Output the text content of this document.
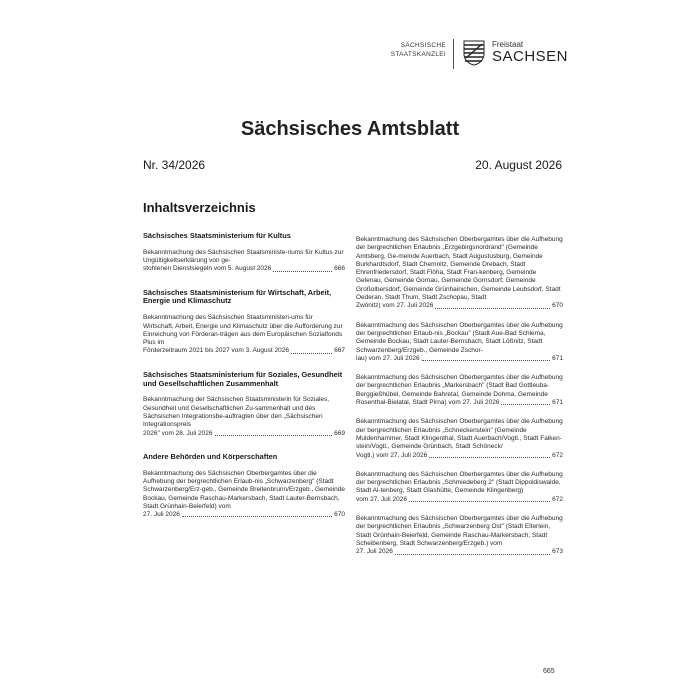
SÄCHSISCHE
STAATSKANZLEI
Freistaat
SACHSEN
Sächsisches Amtsblatt
Nr. 34/2026	20. August 2026
Inhaltsverzeichnis
Sächsisches Staatsministerium für Kultus
Bekanntmachung des Sächsischen Staatsministe-riums für Kultus zur Ungültigkeitserklärung von ge-
stohlenen Dienstsiegeln vom 5. August 2026	666
Sächsisches Staatsministerium für Wirtschaft, Arbeit, Energie und Klimaschutz
Bekanntmachung des Sächsischen Staatsministeri-ums für Wirtschaft, Arbeit, Energie und Klimaschutz über die Aufforderung zur Einreichung von Förderan-trägen aus dem Europäischen Sozialfonds Plus im
Förderzeitraum 2021 bis 2027 vom 3. August 2026	667
Sächsisches Staatsministerium für Soziales, Gesundheit und Gesellschaftlichen Zusammenhalt
Bekanntmachung der Sächsischen Staatsministerin für Soziales, Gesundheit und Gesellschaftlichen Zu-sammenhalt und des Sächsischen Integrationsbe-auftragten über den „Sächsischen Integrationspreis
2026" vom 28. Juli 2026	669
Andere Behörden und Körperschaften
Bekanntmachung des Sächsischen Oberbergamtes über die Aufhebung der bergrechtlichen Erlaub-nis „Schwarzenberg" (Stadt Schwarzenberg/Erz-geb., Gemeinde Breitenbrunn/Erzgeb., Gemeinde Bockau, Gemeinde Raschau-Markersbach, Stadt Lauter-Bernsbach, Stadt Grünhain-Beierfeld) vom
27. Juli 2026	670
Bekanntmachung des Sächsischen Oberbergamtes über die Aufhebung der bergrechtlichen Erlaubnis „Erzgebirgsnordrand" (Gemeinde Amtsberg, Ge-meinde Auerbach, Stadt Augustusburg, Gemeinde Burkhardtsdorf, Stadt Chemnitz, Gemeinde Drebach, Stadt Ehrenfriedersdorf, Stadt Flöha, Stadt Fran-kenberg, Gemeinde Gelenau, Gemeinde Gornau, Gemeinde Gornsdorf, Gemeinde Großolbersdorf, Gemeinde Grünhainichen, Gemeinde Leubsdorf, Stadt Oederan, Stadt Thum, Stadt Zschopau, Stadt
Zwönitz) vom 27. Juli 2026	670
Bekanntmachung des Sächsischen Oberbergamtes über die Aufhebung der bergrechtlichen Erlaub-nis „Bockau" (Stadt Aue-Bad Schlema, Gemeinde Bockau, Stadt Lauter-Bernsbach, Stadt Lößnitz, Stadt Schwarzenberg/Erzgeb., Gemeinde Zschor-
lau) vom 27. Juli 2026	671
Bekanntmachung des Sächsischen Oberbergamtes über die Aufhebung der bergrechtlichen Erlaubnis „Markersbach" (Stadt Bad Gottleuba-Berggießhübel, Gemeinde Bahretal, Gemeinde Dohma, Gemeinde
Rosenthal-Bielatal, Stadt Pirna) vom 27. Juli 2026	671
Bekanntmachung des Sächsischen Oberbergamtes über die Aufhebung der bergrechtlichen Erlaubnis „Schneckenstein" (Gemeinde Muldenhammer, Stadt Klingenthal, Stadt Auerbach/Vogtl., Stadt Falken-stein/Vogtl., Gemeinde Grünbach, Stadt Schöneck/
Vogtl.) vom 27. Juli 2026	672
Bekanntmachung des Sächsischen Oberbergamtes über die Aufhebung der bergrechtlichen Erlaubnis „Schmiedeberg 2" (Stadt Dippoldiswalde, Stadt Al-tenberg, Stadt Glashütte, Gemeinde Klingenberg)
vom 27. Juli 2026	672
Bekanntmachung des Sächsischen Oberbergamtes über die Aufhebung der bergrechtlichen Erlaubnis „Schwarzenberg Ost" (Stadt Elterlein, Stadt Grünhain-Beierfeld, Gemeinde Raschau-Markersbach, Stadt Scheibenberg, Stadt Schwarzenberg/Erzgeb.) vom
27. Juli 2026	673
665
